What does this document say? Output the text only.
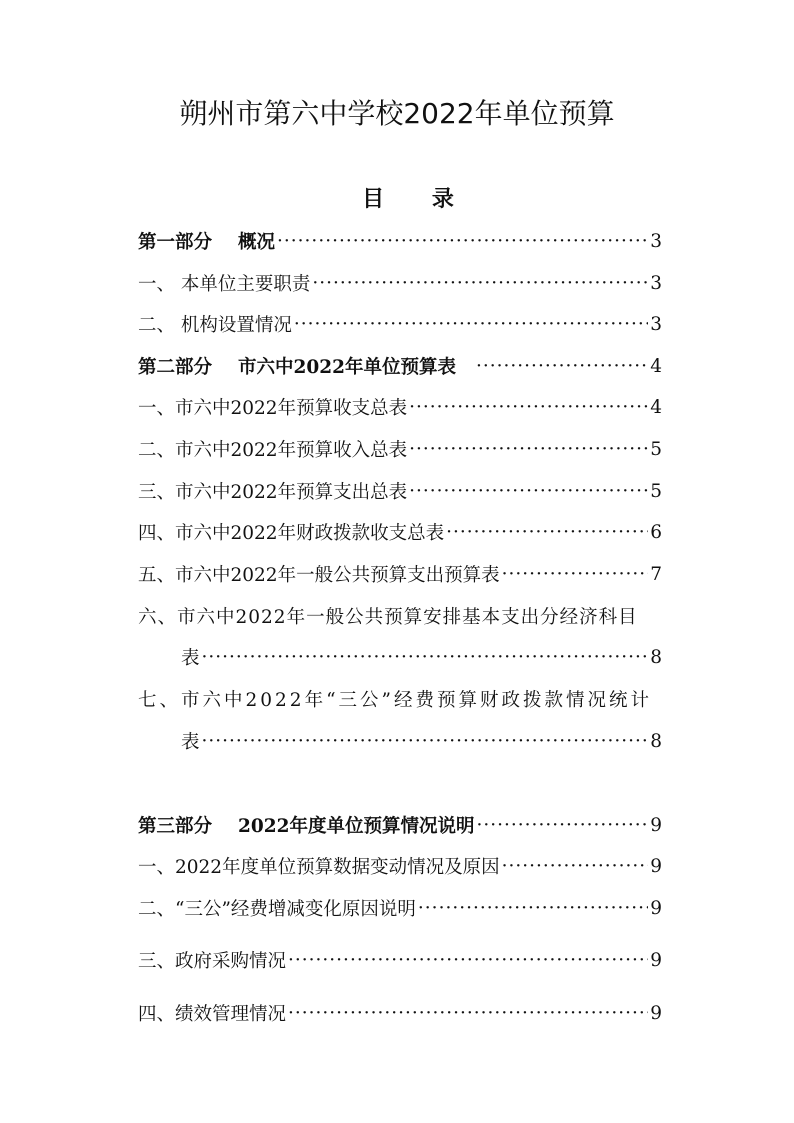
朔州市第六中学校2022年单位预算
目 录
第一部分 概况 ·····	3
一、 本单位主要职责 ·····	3
二、 机构设置情况 ·····	3
第二部分 市六中2022年单位预算表 ·····	4
一、市六中2022年预算收支总表 ·····	4
二、市六中2022年预算收入总表 ·····	5
三、市六中2022年预算支出总表 ·····	5
四、市六中2022年财政拨款收支总表 ·····	6
五、市六中2022年一般公共预算支出预算表 ·····	7
六、市六中2022年一般公共预算安排基本支出分经济科目
表 ·····	8
七、市六中2022年“三公”经费预算财政拨款情况统计
表 ·····	8
第三部分 2022年度单位预算情况说明 ·····	9
一、2022年度单位预算数据变动情况及原因 ·····	9
二、“三公”经费增减变化原因说明 ·····	9
三、政府采购情况 ·····	9
四、绩效管理情况 ·····	9
